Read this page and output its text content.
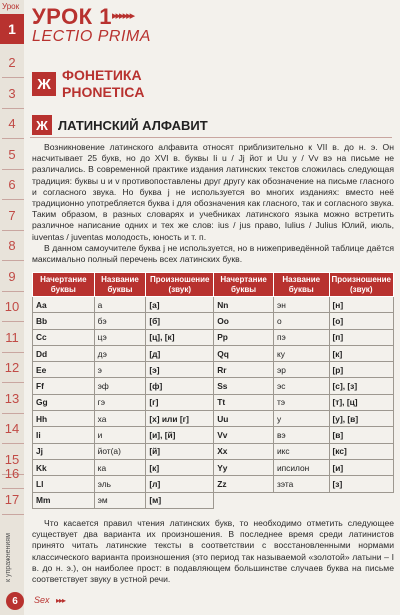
Урок
1
2
3
4
5
6
7
8
9
10
11
12
13
14
15
16
17
к упражнениям
УРОК 1 ▸▸▸▸▸▸
LECTIO PRIMA
Ж
ФОНЕТИКА
PHONETICA
Ж ЛАТИНСКИЙ АЛФАВИТ

Возникновение латинского алфавита относят приблизительно к VII в. до н. э. Он насчитывает 25 букв, но до XVI в. буквы Ii u / Jj йот и Uu y / Vv вэ на письме не различались. В современной практике издания латинских текстов сложилась следующая традиция: буквы u и v противопоставлены друг другу как обозначение на письме гласного и согласного звука. Но буква j не используется во многих изданиях: вместо неё традиционно употребляется буква i для обозначения как гласного, так и согласного звука. Таким образом, в разных словарях и учебниках латинского языка можно встретить различное написание одних и тех же слов: ius / jus право, Iulius / Julius Юлий, июль, iuventas / juventas молодость, юность и т. п.

В данном самоучителе буква j не используется, но в нижеприведённой таблице даётся максимально полный перечень всех латинских букв.

Начертание буквы	Название буквы	Произношение (звук)	Начертание буквы	Название буквы	Произношение (звук)
Aa	а	[а]	Nn	эн	[н]
Bb	бэ	[б]	Oo	о	[о]
Cc	цэ	[ц], [к]	Pp	пэ	[п]
Dd	дэ	[д]	Qq	ку	[к]
Ee	э	[э]	Rr	эр	[р]
Ff	эф	[ф]	Ss	эс	[с], [з]
Gg	гэ	[г]	Tt	тэ	[т], [ц]
Hh	ха	[х] или [г]	Uu	у	[у], [в]
Ii	и	[и], [й]	Vv	вэ	[в]
Jj	йот(а)	[й]	Xx	икс	[кс]
Kk	ка	[к]	Yy	ипсилон	[и]
Ll	эль	[л]	Zz	зэта	[з]
Mm	эм	[м]			

Что касается правил чтения латинских букв, то необходимо отметить следующее существует два варианта их произношения. В последнее время среди латинистов принято читать латинские тексты в соответствии с восстановленными нормами классического варианта произношения (это период так называемой «золотой» латыни – I в. до н. э.), он наиболее прост: в подавляющем большинстве случаев буква на письме соответствует звуку в устной речи.

6	Sex ▸▸▸
